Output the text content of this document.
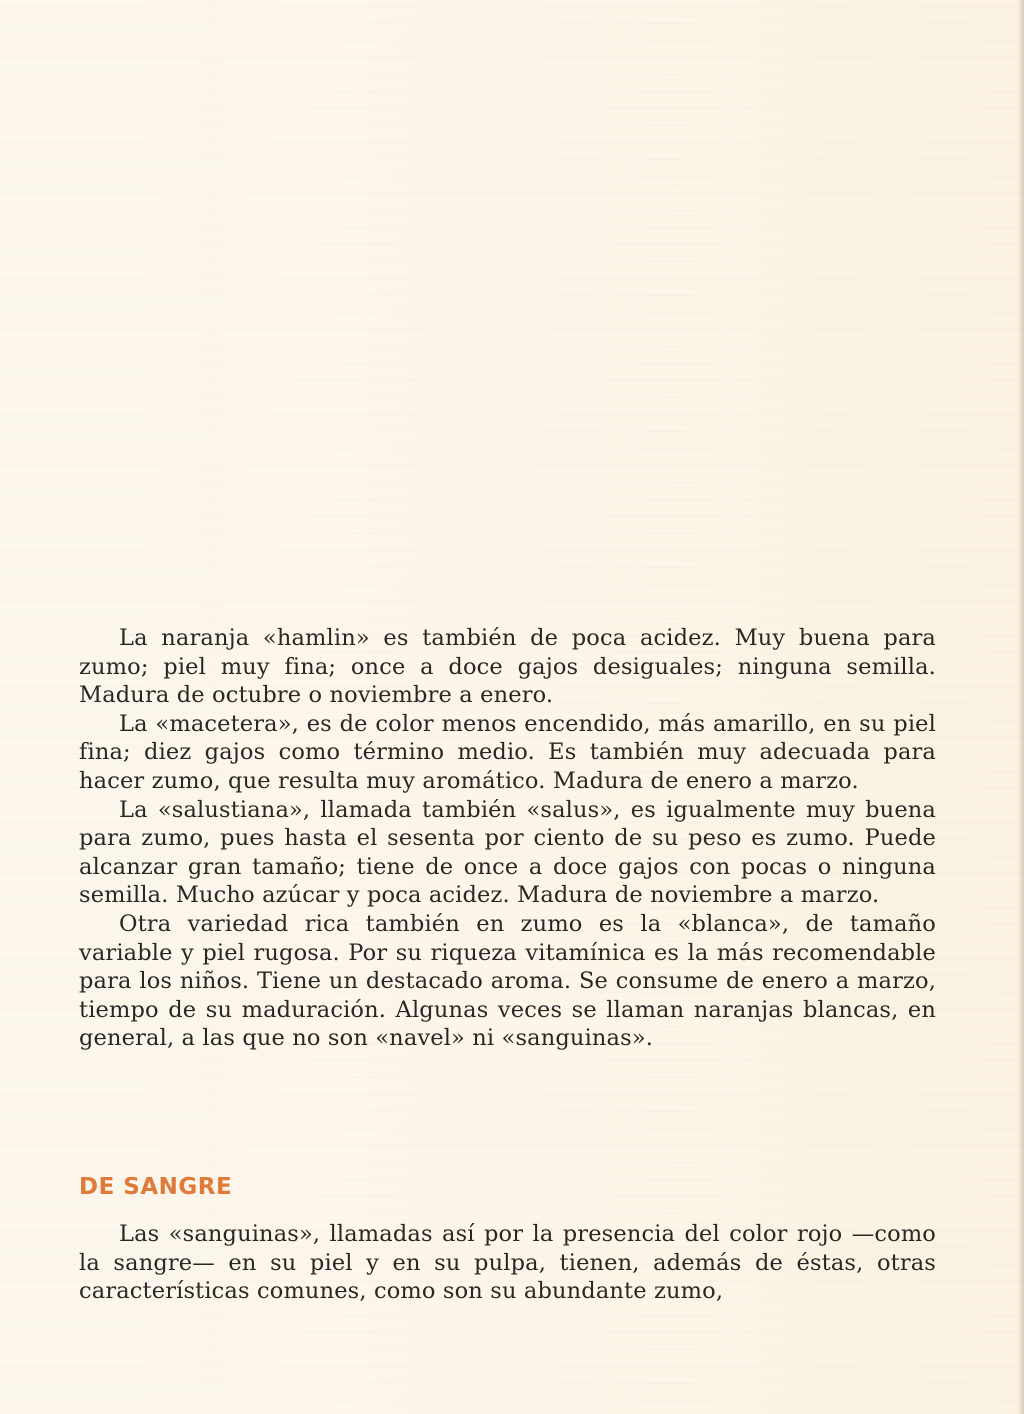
La naranja «hamlin» es también de poca acidez. Muy buena para zumo; piel muy fina; once a doce gajos desiguales; ninguna semilla. Madura de octubre o noviembre a enero.

La «macetera», es de color menos encendido, más amarillo, en su piel fina; diez gajos como término medio. Es también muy adecuada para hacer zumo, que resulta muy aromático. Madura de enero a marzo.

La «salustiana», llamada también «salus», es igualmente muy buena para zumo, pues hasta el sesenta por ciento de su peso es zumo. Puede alcanzar gran tamaño; tiene de once a doce gajos con pocas o ninguna semilla. Mucho azúcar y poca acidez. Madura de noviembre a marzo.

Otra variedad rica también en zumo es la «blanca», de tamaño variable y piel rugosa. Por su riqueza vitamínica es la más recomendable para los niños. Tiene un destacado aroma. Se consume de enero a marzo, tiempo de su maduración. Algunas veces se llaman naranjas blancas, en general, a las que no son «navel» ni «sanguinas».

DE SANGRE

Las «sanguinas», llamadas así por la presencia del color rojo —como la sangre— en su piel y en su pulpa, tienen, además de éstas, otras características comunes, como son su abundante zumo,
